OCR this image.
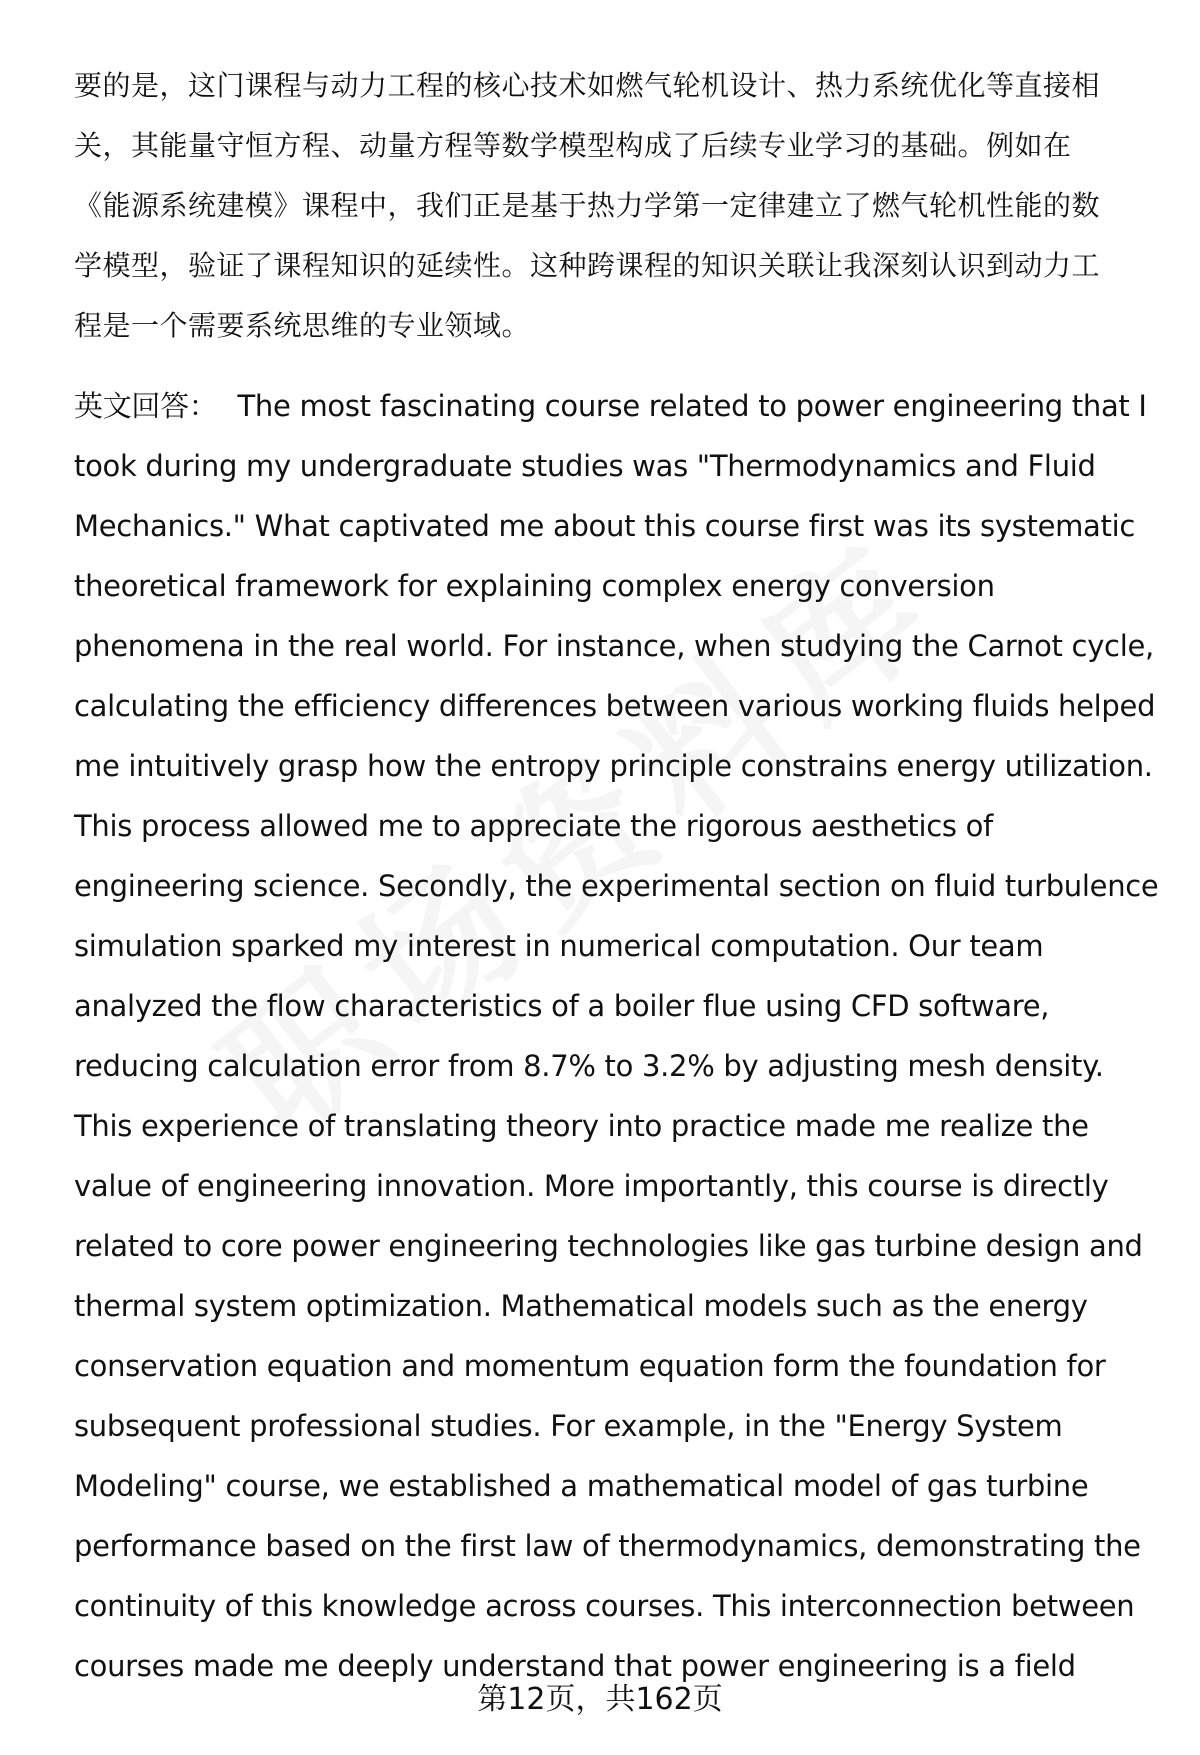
要的是，这门课程与动力工程的核心技术如燃气轮机设计、热力系统优化等直接相
关，其能量守恒方程、动量方程等数学模型构成了后续专业学习的基础。例如在
《能源系统建模》课程中，我们正是基于热力学第一定律建立了燃气轮机性能的数
学模型，验证了课程知识的延续性。这种跨课程的知识关联让我深刻认识到动力工
程是一个需要系统思维的专业领域。
英文回答： The most fascinating course related to power engineering that I
took during my undergraduate studies was "Thermodynamics and Fluid
Mechanics." What captivated me about this course first was its systematic
theoretical framework for explaining complex energy conversion
phenomena in the real world. For instance, when studying the Carnot cycle,
calculating the efficiency differences between various working fluids helped
me intuitively grasp how the entropy principle constrains energy utilization.
This process allowed me to appreciate the rigorous aesthetics of
engineering science. Secondly, the experimental section on fluid turbulence
simulation sparked my interest in numerical computation. Our team
analyzed the flow characteristics of a boiler flue using CFD software,
reducing calculation error from 8.7% to 3.2% by adjusting mesh density.
This experience of translating theory into practice made me realize the
value of engineering innovation. More importantly, this course is directly
related to core power engineering technologies like gas turbine design and
thermal system optimization. Mathematical models such as the energy
conservation equation and momentum equation form the foundation for
subsequent professional studies. For example, in the "Energy System
Modeling" course, we established a mathematical model of gas turbine
performance based on the first law of thermodynamics, demonstrating the
continuity of this knowledge across courses. This interconnection between
courses made me deeply understand that power engineering is a field
第12页，共162页
